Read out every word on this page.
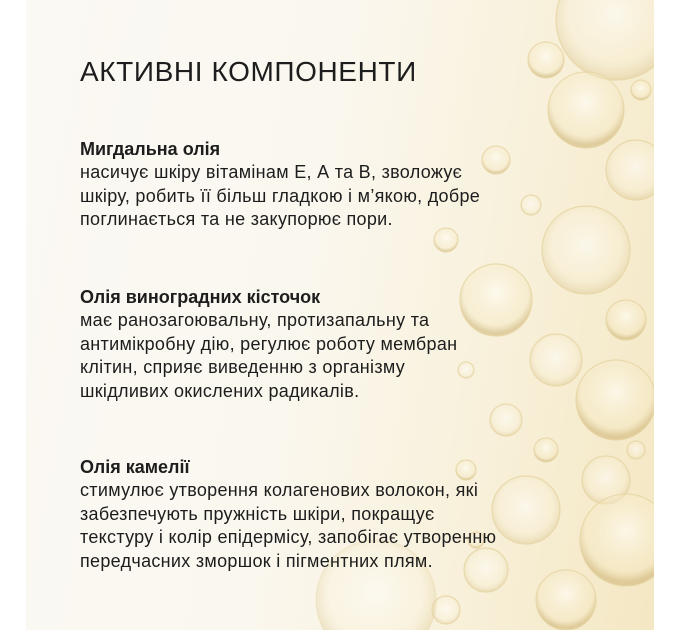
АКТИВНІ КОМПОНЕНТИ
Мигдальна олія

насичує шкіру вітамінам Е, А та В, зволожує
шкіру, робить її більш гладкою і м’якою, добре
поглинається та не закупорює пори.

Олія виноградних кісточок

має ранозагоювальну, протизапальну та
антимікробну дію, регулює роботу мембран
клітин, сприяє виведенню з організму
шкідливих окислених радикалів.

Олія камелії

стимулює утворення колагенових волокон, які
забезпечують пружність шкіри, покращує
текстуру і колір епідермісу, запобігає утворенню
передчасних зморшок і пігментних плям.
